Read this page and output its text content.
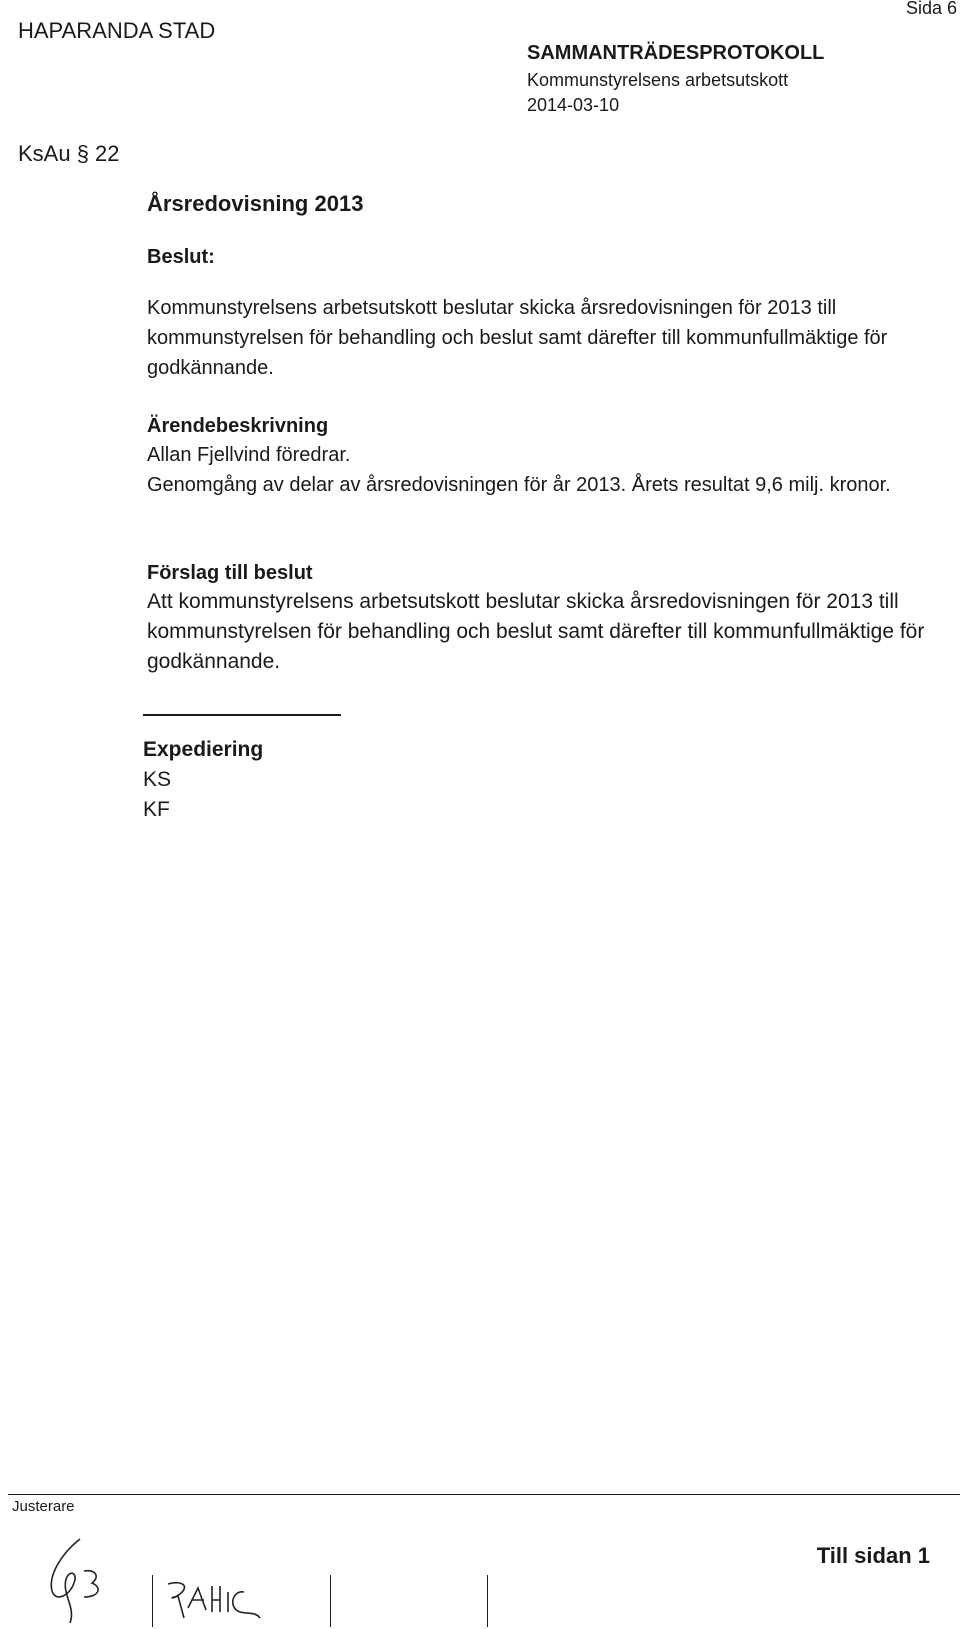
HAPARANDA STAD
Sida 6
SAMMANTRÄDESPROTOKOLL
Kommunstyrelsens arbetsutskott
2014-03-10
KsAu § 22
Årsredovisning 2013
Beslut:
Kommunstyrelsens arbetsutskott beslutar skicka årsredovisningen för 2013 till kommunstyrelsen för behandling och beslut samt därefter till kommunfullmäktige för godkännande.
Ärendebeskrivning
Allan Fjellvind föredrar.
Genomgång av delar av årsredovisningen för år 2013. Årets resultat 9,6 milj. kronor.
Förslag till beslut
Att kommunstyrelsens arbetsutskott beslutar skicka årsredovisningen för 2013 till kommunstyrelsen för behandling och beslut samt därefter till kommunfullmäktige för godkännande.
Expediering
KS
KF
Justerare
Till sidan 1
